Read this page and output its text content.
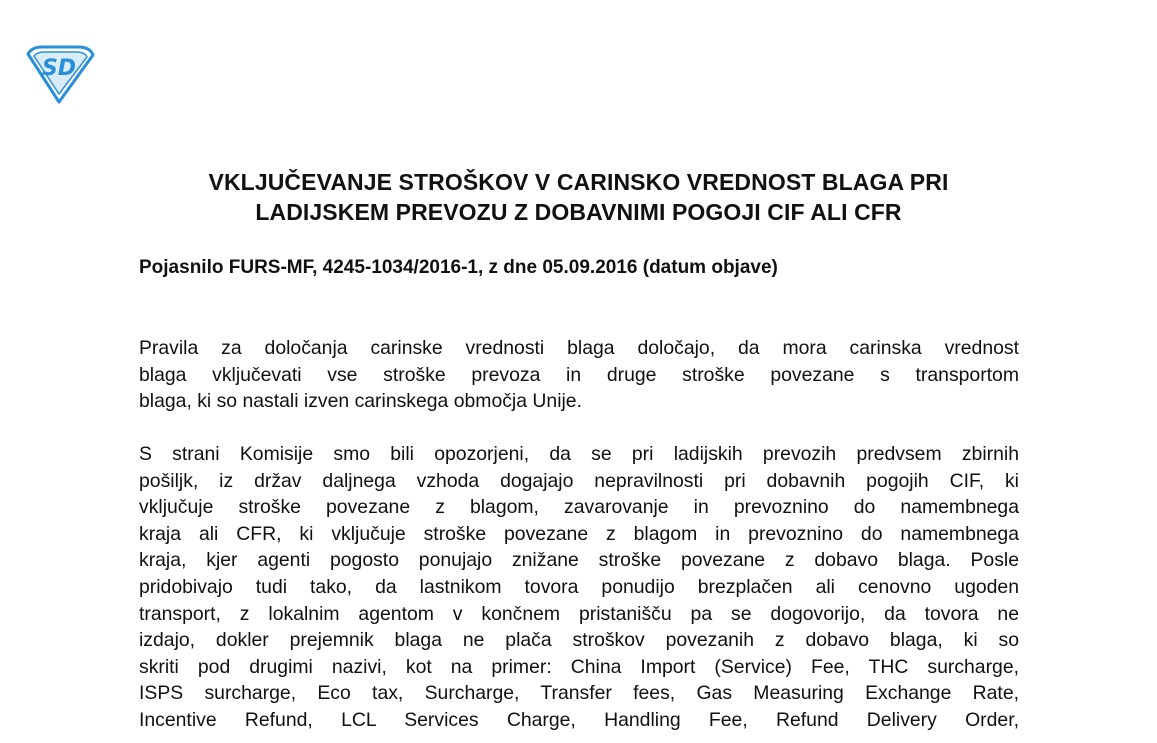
SD
VKLJUČEVANJE STROŠKOV V CARINSKO VREDNOST BLAGA PRI
LADIJSKEM PREVOZU Z DOBAVNIMI POGOJI CIF ALI CFR

Pojasnilo FURS-MF, 4245-1034/2016-1, z dne 05.09.2016 (datum objave)

Pravila za določanja carinske vrednosti blaga določajo, da mora carinska vrednost
blaga vključevati vse stroške prevoza in druge stroške povezane s transportom
blaga, ki so nastali izven carinskega območja Unije.
S strani Komisije smo bili opozorjeni, da se pri ladijskih prevozih predvsem zbirnih
pošiljk, iz držav daljnega vzhoda dogajajo nepravilnosti pri dobavnih pogojih CIF, ki
vključuje stroške povezane z blagom, zavarovanje in prevoznino do namembnega
kraja ali CFR, ki vključuje stroške povezane z blagom in prevoznino do namembnega
kraja, kjer agenti pogosto ponujajo znižane stroške povezane z dobavo blaga. Posle
pridobivajo tudi tako, da lastnikom tovora ponudijo brezplačen ali cenovno ugoden
transport, z lokalnim agentom v končnem pristanišču pa se dogovorijo, da tovora ne
izdajo, dokler prejemnik blaga ne plača stroškov povezanih z dobavo blaga, ki so
skriti pod drugimi nazivi, kot na primer: China Import (Service) Fee, THC surcharge,
ISPS surcharge, Eco tax, Surcharge, Transfer fees, Gas Measuring Exchange Rate,
Incentive Refund, LCL Services Charge, Handling Fee, Refund Delivery Order,
